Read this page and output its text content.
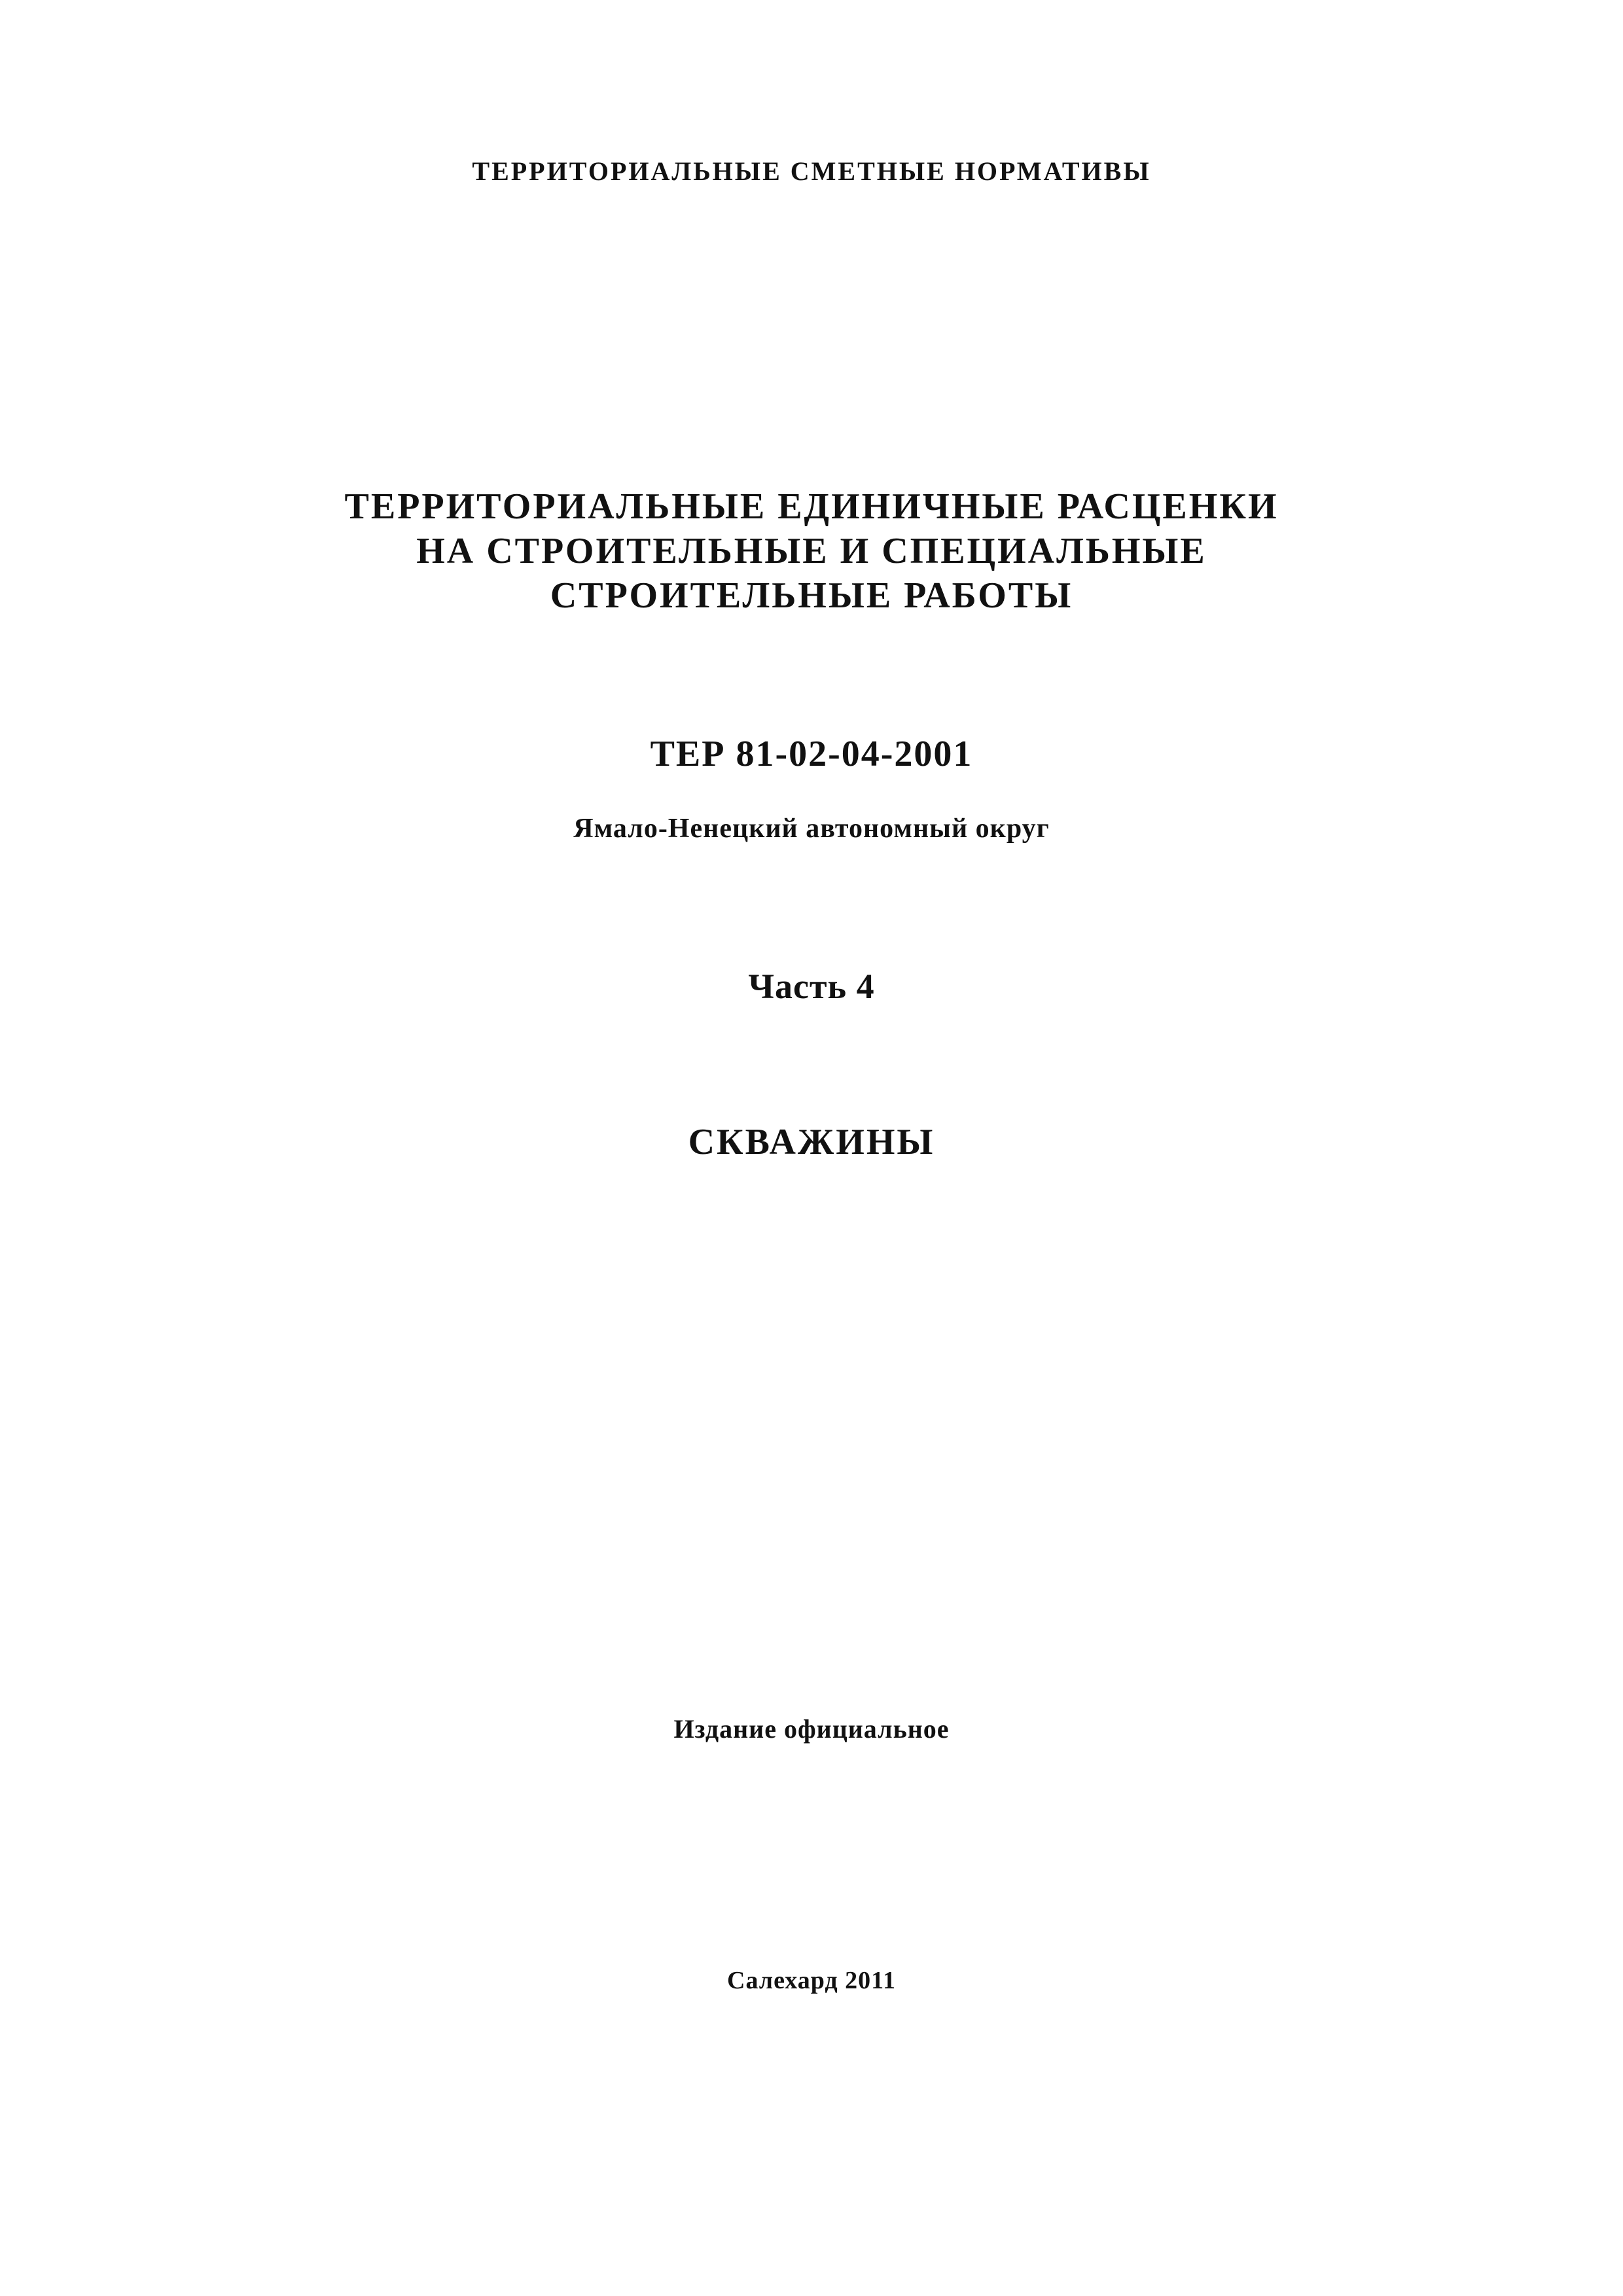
ТЕРРИТОРИАЛЬНЫЕ СМЕТНЫЕ НОРМАТИВЫ
ТЕРРИТОРИАЛЬНЫЕ ЕДИНИЧНЫЕ РАСЦЕНКИ
НА СТРОИТЕЛЬНЫЕ И СПЕЦИАЛЬНЫЕ
СТРОИТЕЛЬНЫЕ РАБОТЫ
ТЕР 81-02-04-2001
Ямало-Ненецкий автономный округ
Часть 4
СКВАЖИНЫ
Издание официальное
Салехард 2011
